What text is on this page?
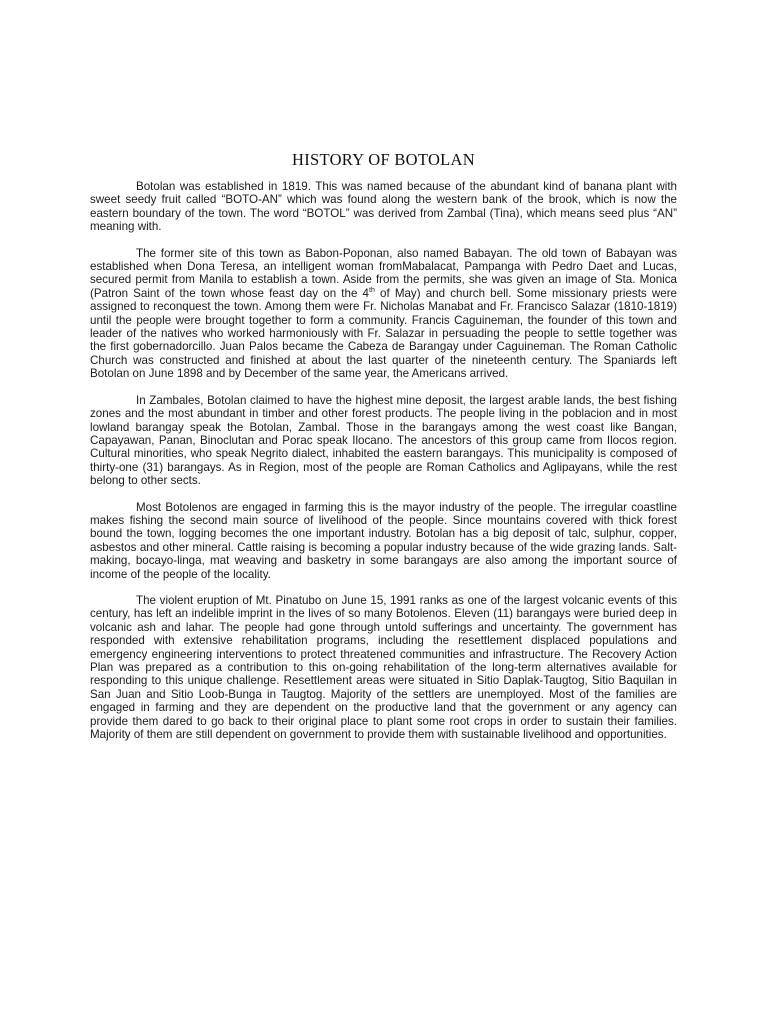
HISTORY OF BOTOLAN

Botolan was established in 1819. This was named because of the abundant kind of banana plant with sweet seedy fruit called “BOTO-AN” which was found along the western bank of the brook, which is now the eastern boundary of the town. The word “BOTOL” was derived from Zambal (Tina), which means seed plus “AN” meaning with.

The former site of this town as Babon-Poponan, also named Babayan. The old town of Babayan was established when Dona Teresa, an intelligent woman fromMabalacat, Pampanga with Pedro Daet and Lucas, secured permit from Manila to establish a town. Aside from the permits, she was given an image of Sta. Monica (Patron Saint of the town whose feast day on the 4th of May) and church bell. Some missionary priests were assigned to reconquest the town. Among them were Fr. Nicholas Manabat and Fr. Francisco Salazar (1810-1819) until the people were brought together to form a community. Francis Caguineman, the founder of this town and leader of the natives who worked harmoniously with Fr. Salazar in persuading the people to settle together was the first gobernadorcillo. Juan Palos became the Cabeza de Barangay under Caguineman. The Roman Catholic Church was constructed and finished at about the last quarter of the nineteenth century. The Spaniards left Botolan on June 1898 and by December of the same year, the Americans arrived.

In Zambales, Botolan claimed to have the highest mine deposit, the largest arable lands, the best fishing zones and the most abundant in timber and other forest products. The people living in the poblacion and in most lowland barangay speak the Botolan, Zambal. Those in the barangays among the west coast like Bangan, Capayawan, Panan, Binoclutan and Porac speak Ilocano. The ancestors of this group came from Ilocos region. Cultural minorities, who speak Negrito dialect, inhabited the eastern barangays. This municipality is composed of thirty-one (31) barangays. As in Region, most of the people are Roman Catholics and Aglipayans, while the rest belong to other sects.

Most Botolenos are engaged in farming this is the mayor industry of the people. The irregular coastline makes fishing the second main source of livelihood of the people. Since mountains covered with thick forest bound the town, logging becomes the one important industry. Botolan has a big deposit of talc, sulphur, copper, asbestos and other mineral. Cattle raising is becoming a popular industry because of the wide grazing lands. Salt-making, bocayo-linga, mat weaving and basketry in some barangays are also among the important source of income of the people of the locality.

The violent eruption of Mt. Pinatubo on June 15, 1991 ranks as one of the largest volcanic events of this century, has left an indelible imprint in the lives of so many Botolenos. Eleven (11) barangays were buried deep in volcanic ash and lahar. The people had gone through untold sufferings and uncertainty. The government has responded with extensive rehabilitation programs, including the resettlement displaced populations and emergency engineering interventions to protect threatened communities and infrastructure. The Recovery Action Plan was prepared as a contribution to this on-going rehabilitation of the long-term alternatives available for responding to this unique challenge. Resettlement areas were situated in Sitio Daplak-Taugtog, Sitio Baquilan in San Juan and Sitio Loob-Bunga in Taugtog. Majority of the settlers are unemployed. Most of the families are engaged in farming and they are dependent on the productive land that the government or any agency can provide them dared to go back to their original place to plant some root crops in order to sustain their families. Majority of them are still dependent on government to provide them with sustainable livelihood and opportunities.
